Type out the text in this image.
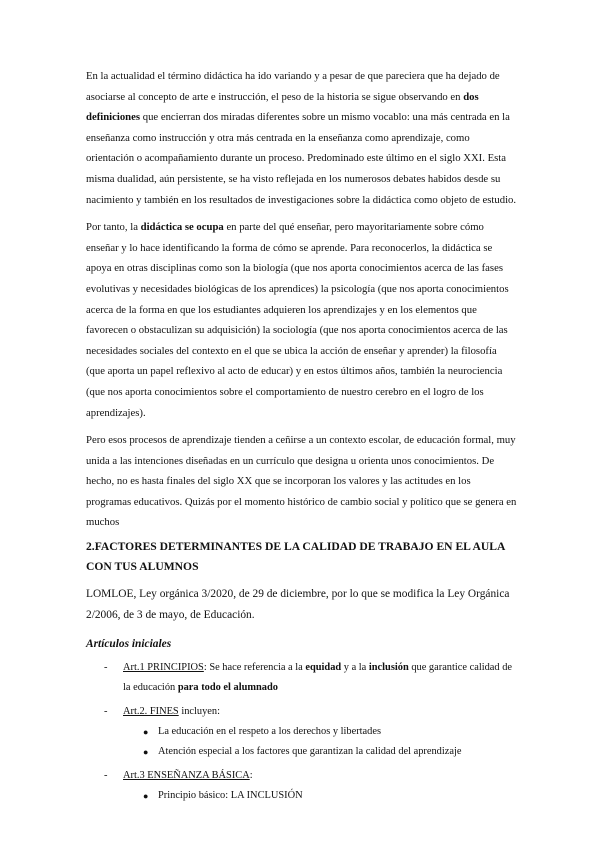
En la actualidad el término didáctica ha ido variando y a pesar de que pareciera que ha dejado de asociarse al concepto de arte e instrucción, el peso de la historia se sigue observando en dos definiciones que encierran dos miradas diferentes sobre un mismo vocablo: una más centrada en la enseñanza como instrucción y otra más centrada en la enseñanza como aprendizaje, como orientación o acompañamiento durante un proceso. Predominado este último en el siglo XXI. Esta misma dualidad, aún persistente, se ha visto reflejada en los numerosos debates habidos desde su nacimiento y también en los resultados de investigaciones sobre la didáctica como objeto de estudio.

Por tanto, la didáctica se ocupa en parte del qué enseñar, pero mayoritariamente sobre cómo enseñar y lo hace identificando la forma de cómo se aprende. Para reconocerlos, la didáctica se apoya en otras disciplinas como son la biología (que nos aporta conocimientos acerca de las fases evolutivas y necesidades biológicas de los aprendices) la psicología (que nos aporta conocimientos acerca de la forma en que los estudiantes adquieren los aprendizajes y en los elementos que favorecen o obstaculizan su adquisición) la sociología (que nos aporta conocimientos acerca de las necesidades sociales del contexto en el que se ubica la acción de enseñar y aprender) la filosofía (que aporta un papel reflexivo al acto de educar) y en estos últimos años, también la neurociencia (que nos aporta conocimientos sobre el comportamiento de nuestro cerebro en el logro de los aprendizajes).

Pero esos procesos de aprendizaje tienden a ceñirse a un contexto escolar, de educación formal, muy unida a las intenciones diseñadas en un currículo que designa u orienta unos conocimientos. De hecho, no es hasta finales del siglo XX que se incorporan los valores y las actitudes en los programas educativos. Quizás por el momento histórico de cambio social y político que se genera en muchos

2.FACTORES DETERMINANTES DE LA CALIDAD DE TRABAJO EN EL AULA CON TUS ALUMNOS

LOMLOE, Ley orgánica 3/2020, de 29 de diciembre, por lo que se modifica la Ley Orgánica 2/2006, de 3 de mayo, de Educación.

Artículos iniciales

- Art.1 PRINCIPIOS: Se hace referencia a la equidad y a la inclusión que garantice calidad de la educación para todo el alumnado
- Art.2. FINES incluyen:
● La educación en el respeto a los derechos y libertades
● Atención especial a los factores que garantizan la calidad del aprendizaje
- Art.3 ENSEÑANZA BÁSICA:
● Principio básico: LA INCLUSIÓN
